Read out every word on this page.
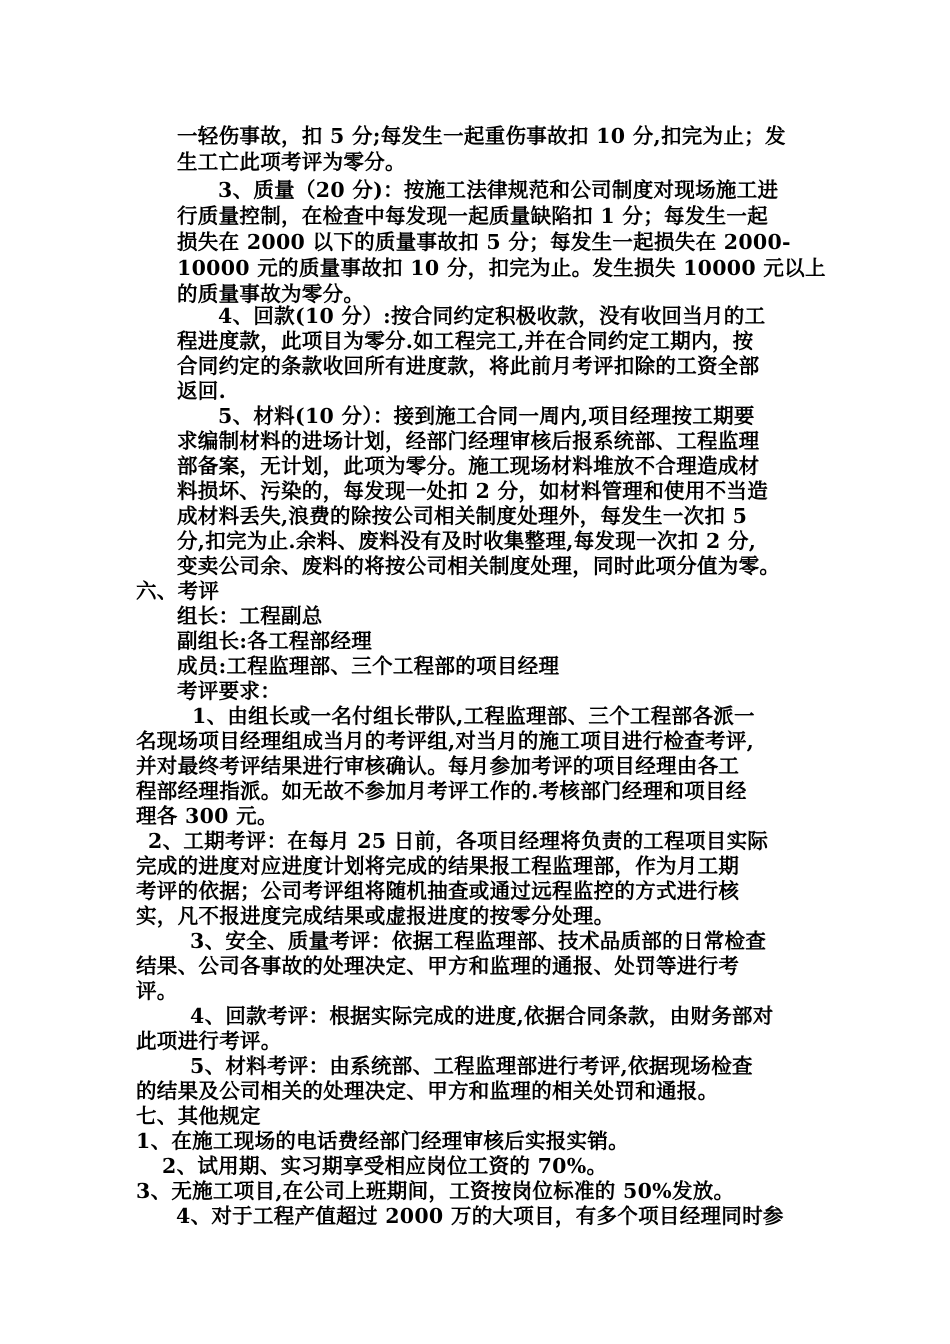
一轻伤事故，扣 5 分;每发生一起重伤事故扣 10 分,扣完为止；发
生工亡此项考评为零分。
3、质量（20 分)：按施工法律规范和公司制度对现场施工进
行质量控制，在检查中每发现一起质量缺陷扣 1 分；每发生一起
损失在 2000 以下的质量事故扣 5 分；每发生一起损失在 2000-
10000 元的质量事故扣 10 分，扣完为止。发生损失 10000 元以上
的质量事故为零分。
4、回款(10 分）:按合同约定积极收款，没有收回当月的工
程进度款，此项目为零分.如工程完工,并在合同约定工期内，按
合同约定的条款收回所有进度款，将此前月考评扣除的工资全部
返回.
5、材料(10 分）：接到施工合同一周内,项目经理按工期要
求编制材料的进场计划，经部门经理审核后报系统部、工程监理
部备案，无计划，此项为零分。施工现场材料堆放不合理造成材
料损坏、污染的，每发现一处扣 2 分，如材料管理和使用不当造
成材料丢失,浪费的除按公司相关制度处理外，每发生一次扣 5
分,扣完为止.余料、废料没有及时收集整理,每发现一次扣 2 分,
变卖公司余、废料的将按公司相关制度处理，同时此项分值为零。
六、考评
组长：工程副总
副组长:各工程部经理
成员:工程监理部、三个工程部的项目经理
考评要求：
1、由组长或一名付组长带队,工程监理部、三个工程部各派一
名现场项目经理组成当月的考评组,对当月的施工项目进行检查考评,
并对最终考评结果进行审核确认。每月参加考评的项目经理由各工
程部经理指派。如无故不参加月考评工作的.考核部门经理和项目经
理各 300 元。
2、工期考评：在每月 25 日前，各项目经理将负责的工程项目实际
完成的进度对应进度计划将完成的结果报工程监理部，作为月工期
考评的依据；公司考评组将随机抽查或通过远程监控的方式进行核
实，凡不报进度完成结果或虚报进度的按零分处理。
3、安全、质量考评：依据工程监理部、技术品质部的日常检查
结果、公司各事故的处理决定、甲方和监理的通报、处罚等进行考
评。
4、回款考评：根据实际完成的进度,依据合同条款，由财务部对
此项进行考评。
5、材料考评：由系统部、工程监理部进行考评,依据现场检查
的结果及公司相关的处理决定、甲方和监理的相关处罚和通报。
七、其他规定
1、在施工现场的电话费经部门经理审核后实报实销。
2、试用期、实习期享受相应岗位工资的 70%。
3、无施工项目,在公司上班期间，工资按岗位标准的 50%发放。
4、对于工程产值超过 2000 万的大项目，有多个项目经理同时参
